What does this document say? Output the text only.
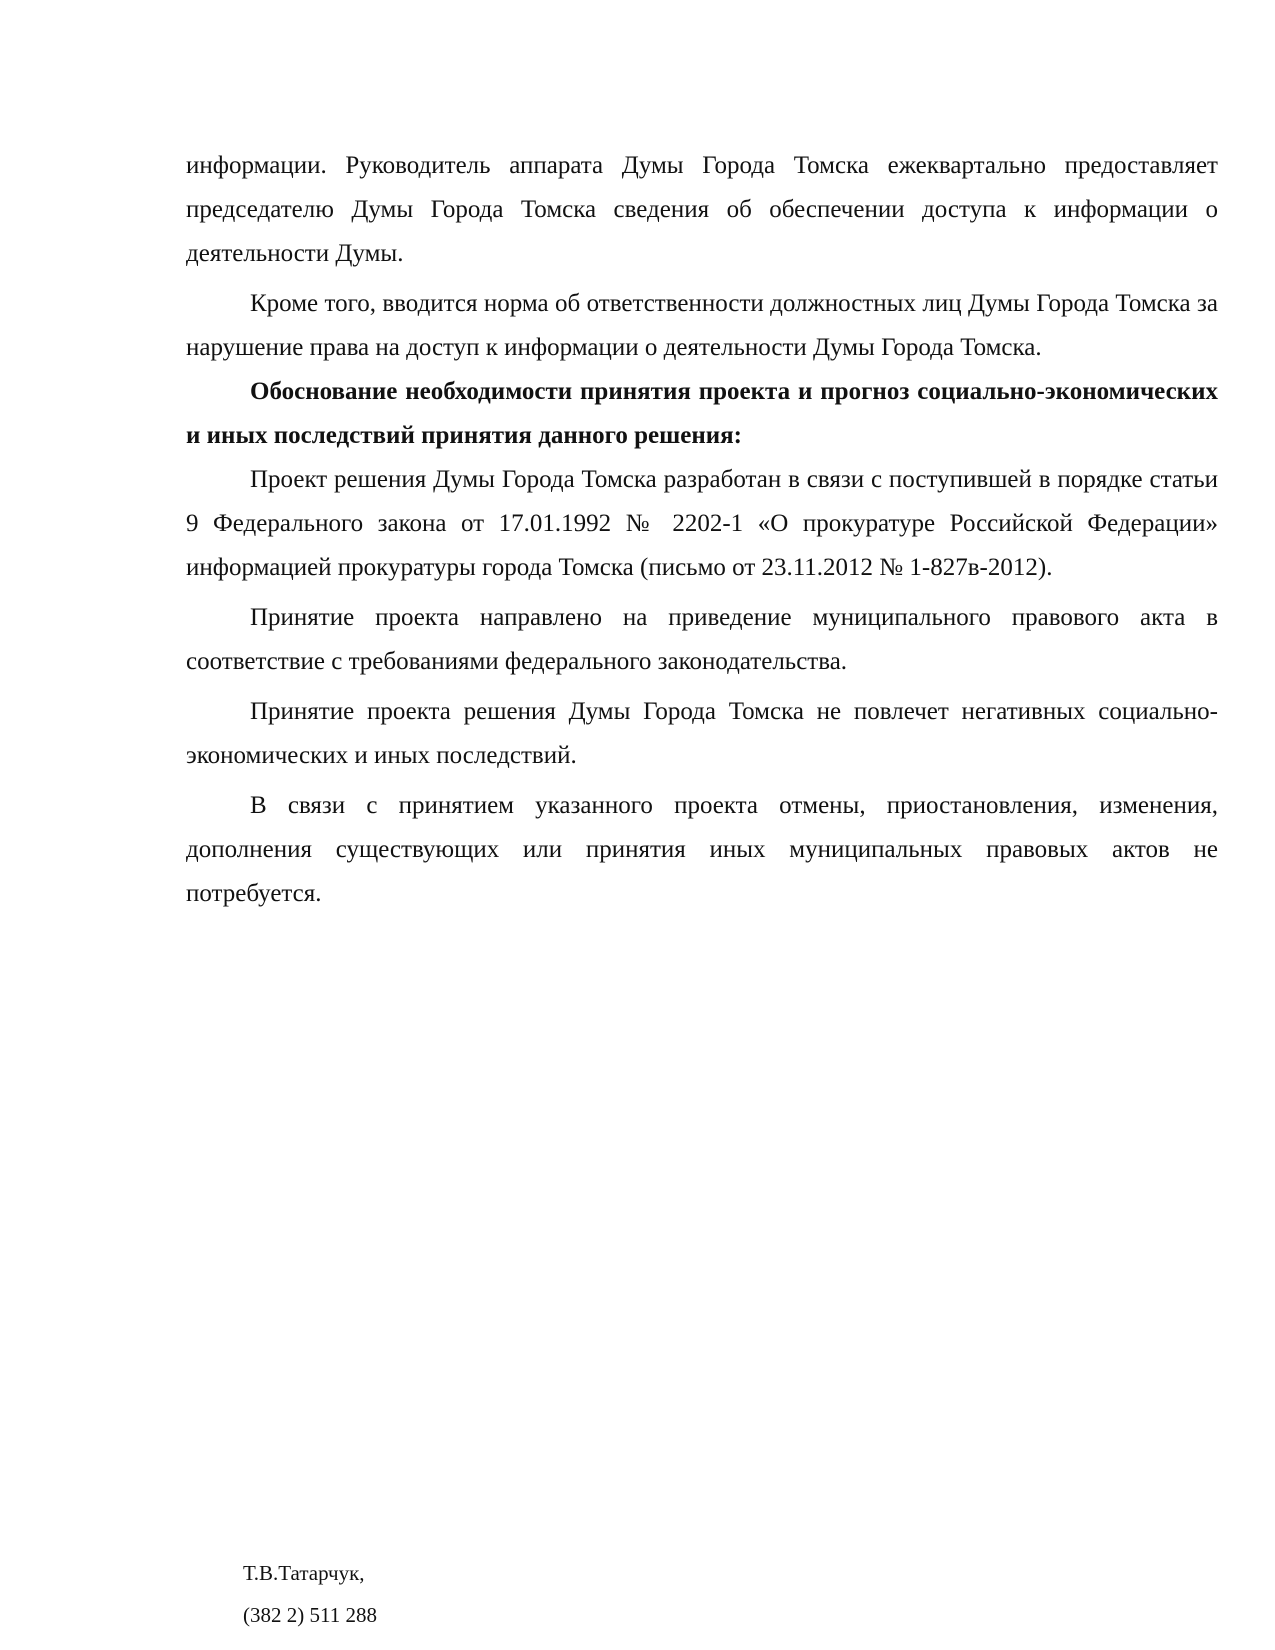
информации. Руководитель аппарата Думы Города Томска ежеквартально предоставляет председателю Думы Города Томска сведения об обеспечении доступа к информации о деятельности Думы.

Кроме того, вводится норма об ответственности должностных лиц Думы Города Томска за нарушение права на доступ к информации о деятельности Думы Города Томска.

Обоснование необходимости принятия проекта и прогноз социально-экономических и иных последствий принятия данного решения:

Проект решения Думы Города Томска разработан в связи с поступившей в порядке статьи 9 Федерального закона от 17.01.1992 № 2202-1 «О прокуратуре Российской Федерации» информацией прокуратуры города Томска (письмо от 23.11.2012 № 1-827в-2012).

Принятие проекта направлено на приведение муниципального правового акта в соответствие с требованиями федерального законодательства.

Принятие проекта решения Думы Города Томска не повлечет негативных социально-экономических и иных последствий.

В связи с принятием указанного проекта отмены, приостановления, изменения, дополнения существующих или принятия иных муниципальных правовых актов не потребуется.

Т.В.Татарчук,
(382 2) 511 288
